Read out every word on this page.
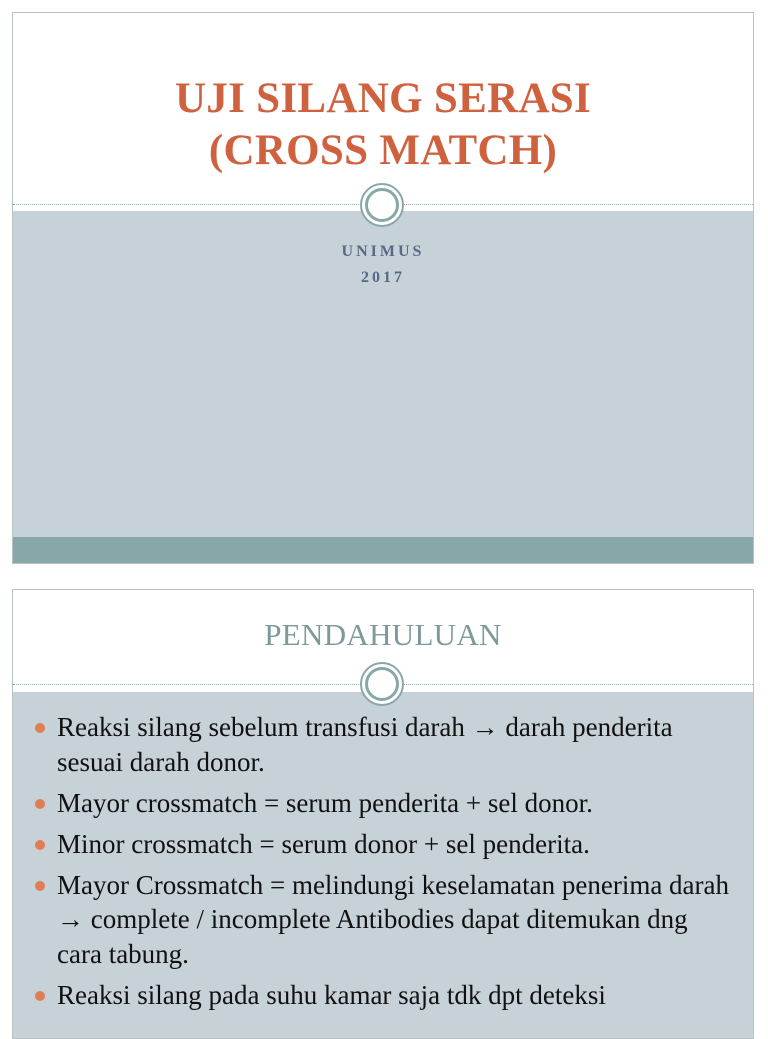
UJI SILANG SERASI
(CROSS MATCH)
UNIMUS
2017
PENDAHULUAN
Reaksi silang sebelum transfusi darah → darah penderita sesuai darah donor.
Mayor crossmatch = serum penderita + sel donor.
Minor crossmatch = serum donor + sel penderita.
Mayor Crossmatch = melindungi keselamatan penerima darah → complete / incomplete Antibodies dapat ditemukan dng cara tabung.
Reaksi silang pada suhu kamar saja tdk dpt deteksi
